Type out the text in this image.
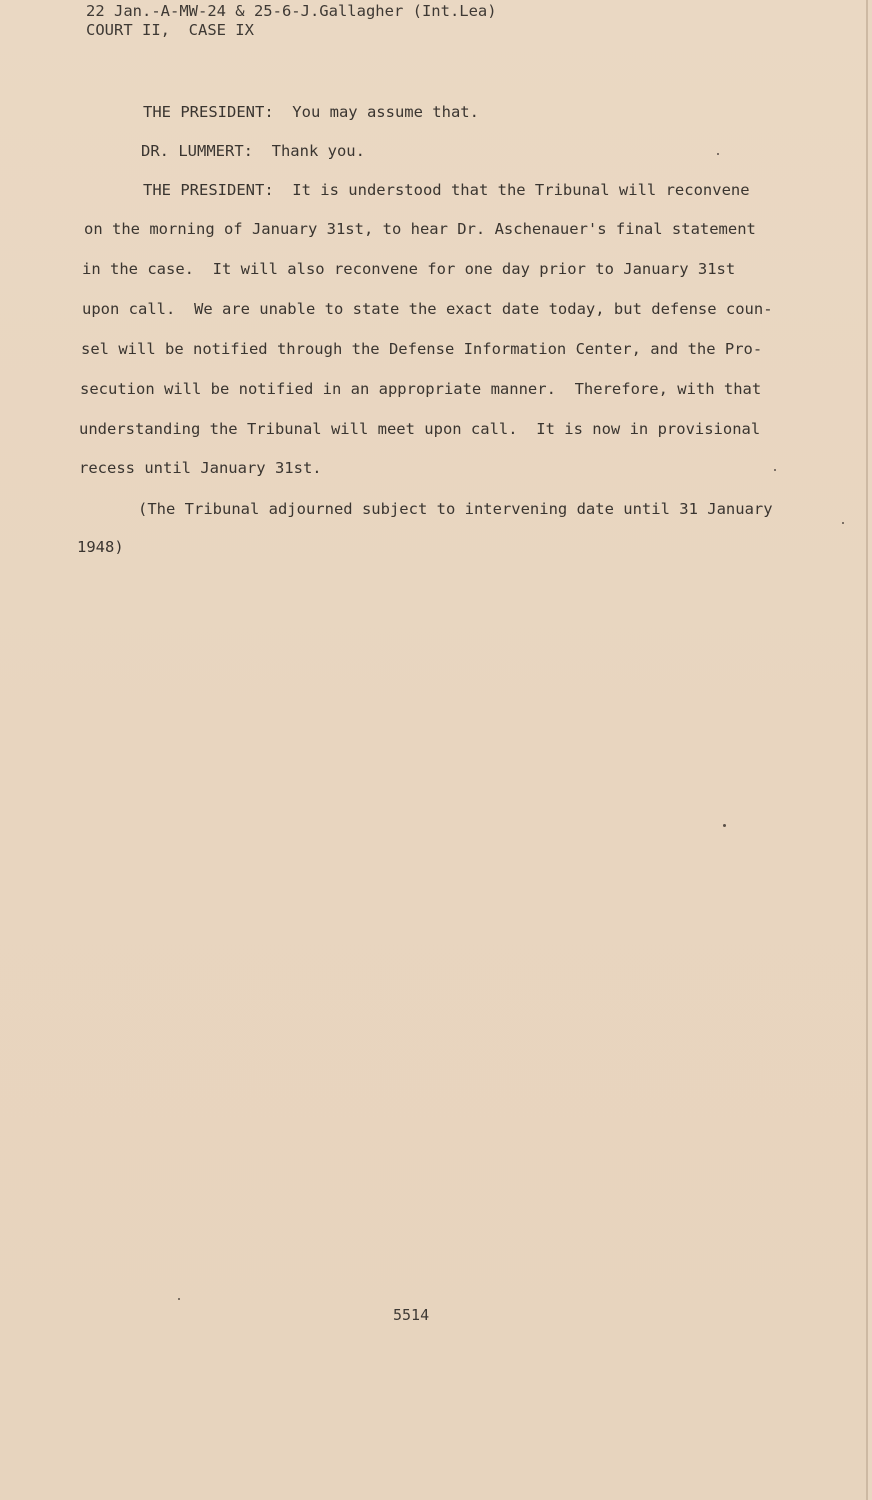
22 Jan.-A-MW-24 & 25-6-J.Gallagher (Int.Lea)
COURT II,  CASE IX
THE PRESIDENT:  You may assume that.
DR. LUMMERT:  Thank you.
THE PRESIDENT:  It is understood that the Tribunal will reconvene
on the morning of January 31st, to hear Dr. Aschenauer's final statement
in the case.  It will also reconvene for one day prior to January 31st
upon call.  We are unable to state the exact date today, but defense coun-
sel will be notified through the Defense Information Center, and the Pro-
secution will be notified in an appropriate manner.  Therefore, with that
understanding the Tribunal will meet upon call.  It is now in provisional
recess until January 31st.
(The Tribunal adjourned subject to intervening date until 31 January
1948)
5514
